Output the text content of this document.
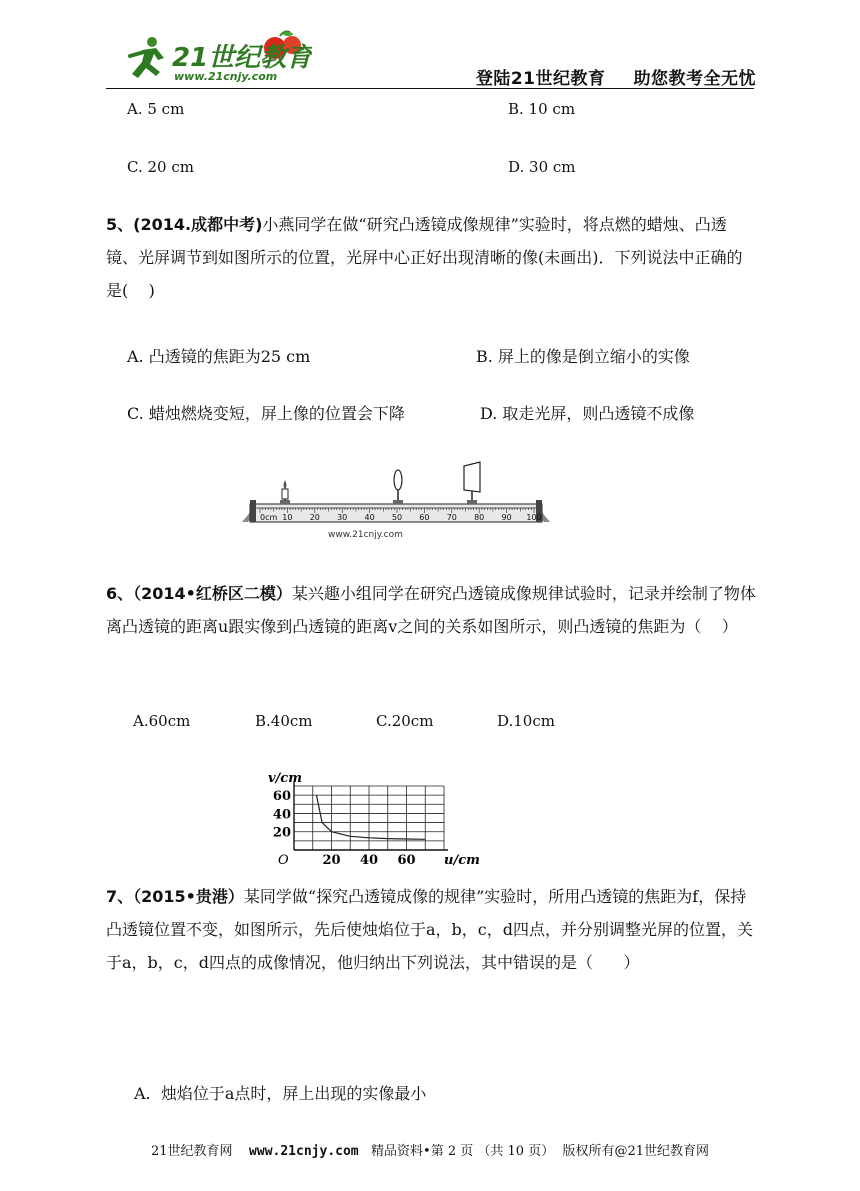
21世纪教育
www.21cnjy.com	登陆21世纪教育 助您教考全无忧
A. 5 cm	B. 10 cm
C. 20 cm	D. 30 cm
5、(2014.成都中考)小燕同学在做“研究凸透镜成像规律”实验时，将点燃的蜡烛、凸透镜、光屏调节到如图所示的位置，光屏中心正好出现清晰的像(未画出)．下列说法中正确的是(    )
A. 凸透镜的焦距为25 cm	B. 屏上的像是倒立缩小的实像
C. 蜡烛燃烧变短，屏上像的位置会下降	D. 取走光屏，则凸透镜不成像
0cm 10 20 30 40 50 60 70 80 90 100
www.21cnjy.com
6、（2014•红桥区二模）某兴趣小组同学在研究凸透镜成像规律试验时，记录并绘制了物体离凸透镜的距离u跟实像到凸透镜的距离v之间的关系如图所示，则凸透镜的焦距为（    ）
A.60cm	B.40cm	C.20cm	D.10cm
60
40
20
20 40 60
v/cm
u/cm
O
7、（2015•贵港）某同学做“探究凸透镜成像的规律”实验时，所用凸透镜的焦距为f，保持凸透镜位置不变，如图所示，先后使烛焰位于a，b，c，d四点，并分别调整光屏的位置，关于a，b，c，d四点的成像情况，他归纳出下列说法，其中错误的是（      ）
A.  烛焰位于a点时，屏上出现的实像最小
21世纪教育网 www.21cnjy.com 精品资料•第 2 页 （共 10 页） 版权所有@21世纪教育网
